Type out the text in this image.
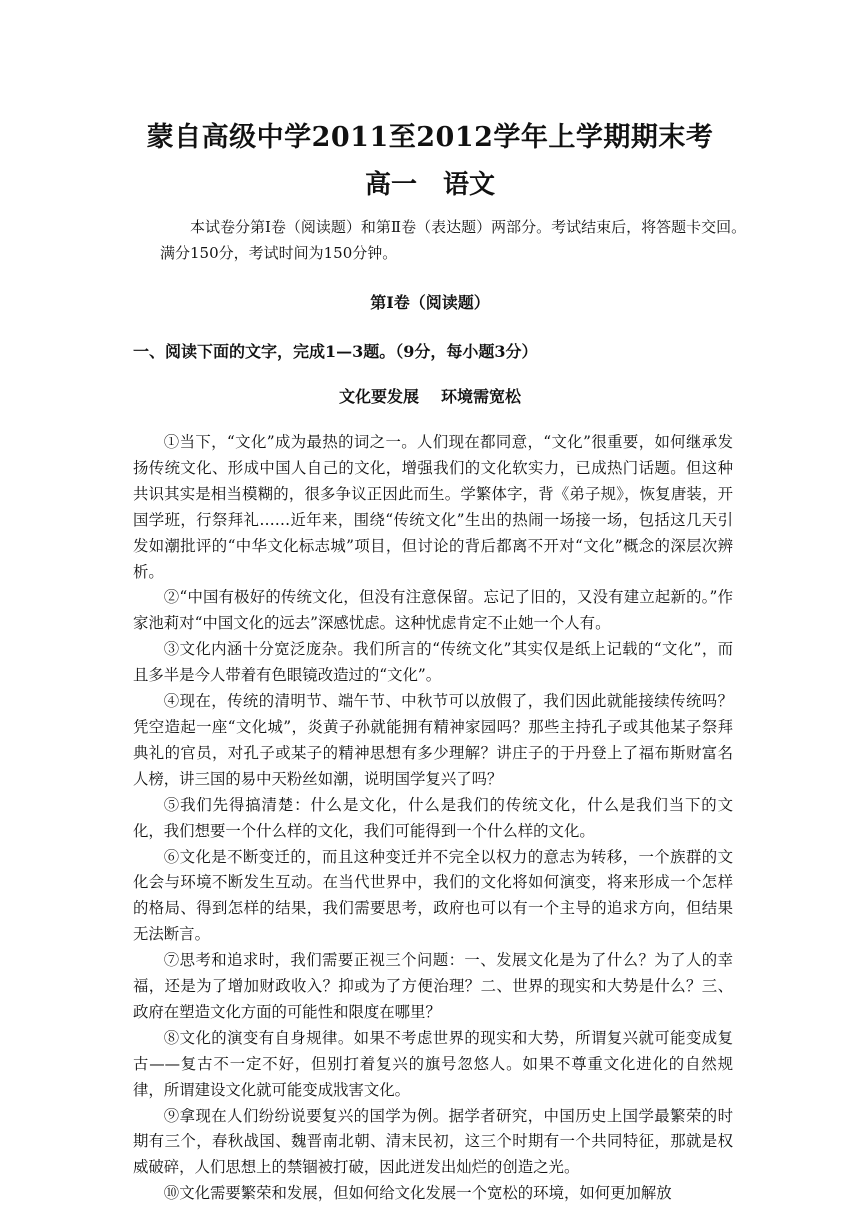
蒙自高级中学2011至2012学年上学期期末考
高一　语文
本试卷分第Ⅰ卷（阅读题）和第Ⅱ卷（表达题）两部分。考试结束后，将答题卡交回。满分150分，考试时间为150分钟。
第Ⅰ卷（阅读题）
一、阅读下面的文字，完成1—3题。（9分，每小题3分）
文化要发展 环境需宽松

①当下，“文化”成为最热的词之一。人们现在都同意，“文化”很重要，如何继承发扬传统文化、形成中国人自己的文化，增强我们的文化软实力，已成热门话题。但这种共识其实是相当模糊的，很多争议正因此而生。学繁体字，背《弟子规》，恢复唐装，开国学班，行祭拜礼……近年来，围绕“传统文化”生出的热闹一场接一场，包括这几天引发如潮批评的“中华文化标志城”项目，但讨论的背后都离不开对“文化”概念的深层次辨析。

②“中国有极好的传统文化，但没有注意保留。忘记了旧的，又没有建立起新的。”作家池莉对“中国文化的远去”深感忧虑。这种忧虑肯定不止她一个人有。

③文化内涵十分宽泛庞杂。我们所言的“传统文化”其实仅是纸上记载的“文化”，而且多半是今人带着有色眼镜改造过的“文化”。

④现在，传统的清明节、端午节、中秋节可以放假了，我们因此就能接续传统吗？凭空造起一座“文化城”，炎黄子孙就能拥有精神家园吗？那些主持孔子或其他某子祭拜典礼的官员，对孔子或某子的精神思想有多少理解？讲庄子的于丹登上了福布斯财富名人榜，讲三国的易中天粉丝如潮，说明国学复兴了吗？

⑤我们先得搞清楚：什么是文化，什么是我们的传统文化，什么是我们当下的文化，我们想要一个什么样的文化，我们可能得到一个什么样的文化。

⑥文化是不断变迁的，而且这种变迁并不完全以权力的意志为转移，一个族群的文化会与环境不断发生互动。在当代世界中，我们的文化将如何演变，将来形成一个怎样的格局、得到怎样的结果，我们需要思考，政府也可以有一个主导的追求方向，但结果无法断言。

⑦思考和追求时，我们需要正视三个问题：一、发展文化是为了什么？为了人的幸福，还是为了增加财政收入？抑或为了方便治理？二、世界的现实和大势是什么？三、政府在塑造文化方面的可能性和限度在哪里？

⑧文化的演变有自身规律。如果不考虑世界的现实和大势，所谓复兴就可能变成复古——复古不一定不好，但别打着复兴的旗号忽悠人。如果不尊重文化进化的自然规律，所谓建设文化就可能变成戕害文化。

⑨拿现在人们纷纷说要复兴的国学为例。据学者研究，中国历史上国学最繁荣的时期有三个，春秋战国、魏晋南北朝、清末民初，这三个时期有一个共同特征，那就是权威破碎，人们思想上的禁锢被打破，因此迸发出灿烂的创造之光。

⑩文化需要繁荣和发展，但如何给文化发展一个宽松的环境，如何更加解放
